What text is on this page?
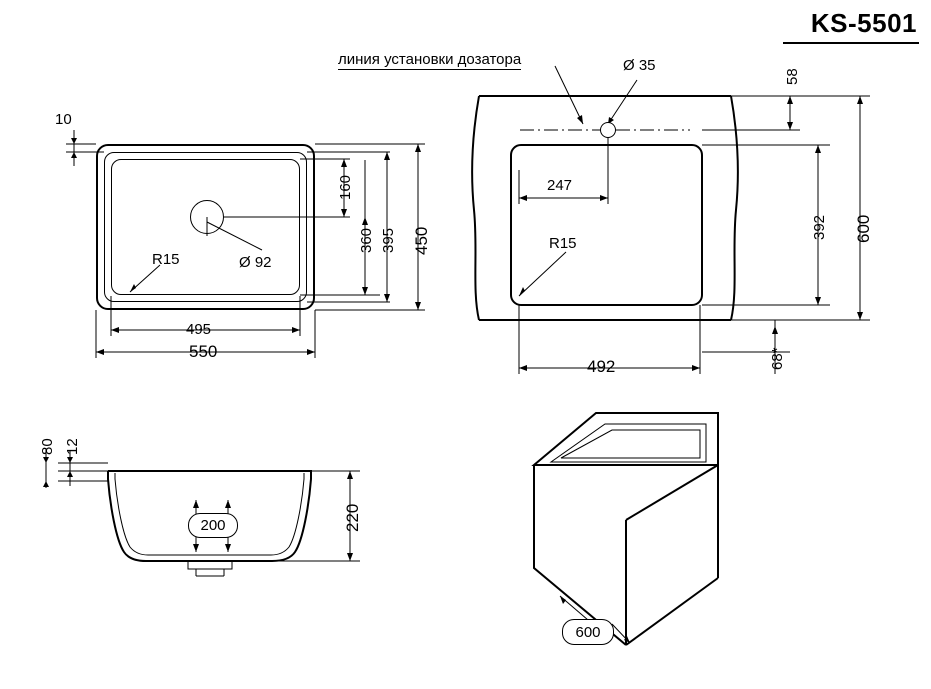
KS-5501
линия установки дозатора
10
R15	Ø 92
495
550
160
360 395 450
Ø 35
247
R15
492
58
392 600
68*
80 12
200	220
600
